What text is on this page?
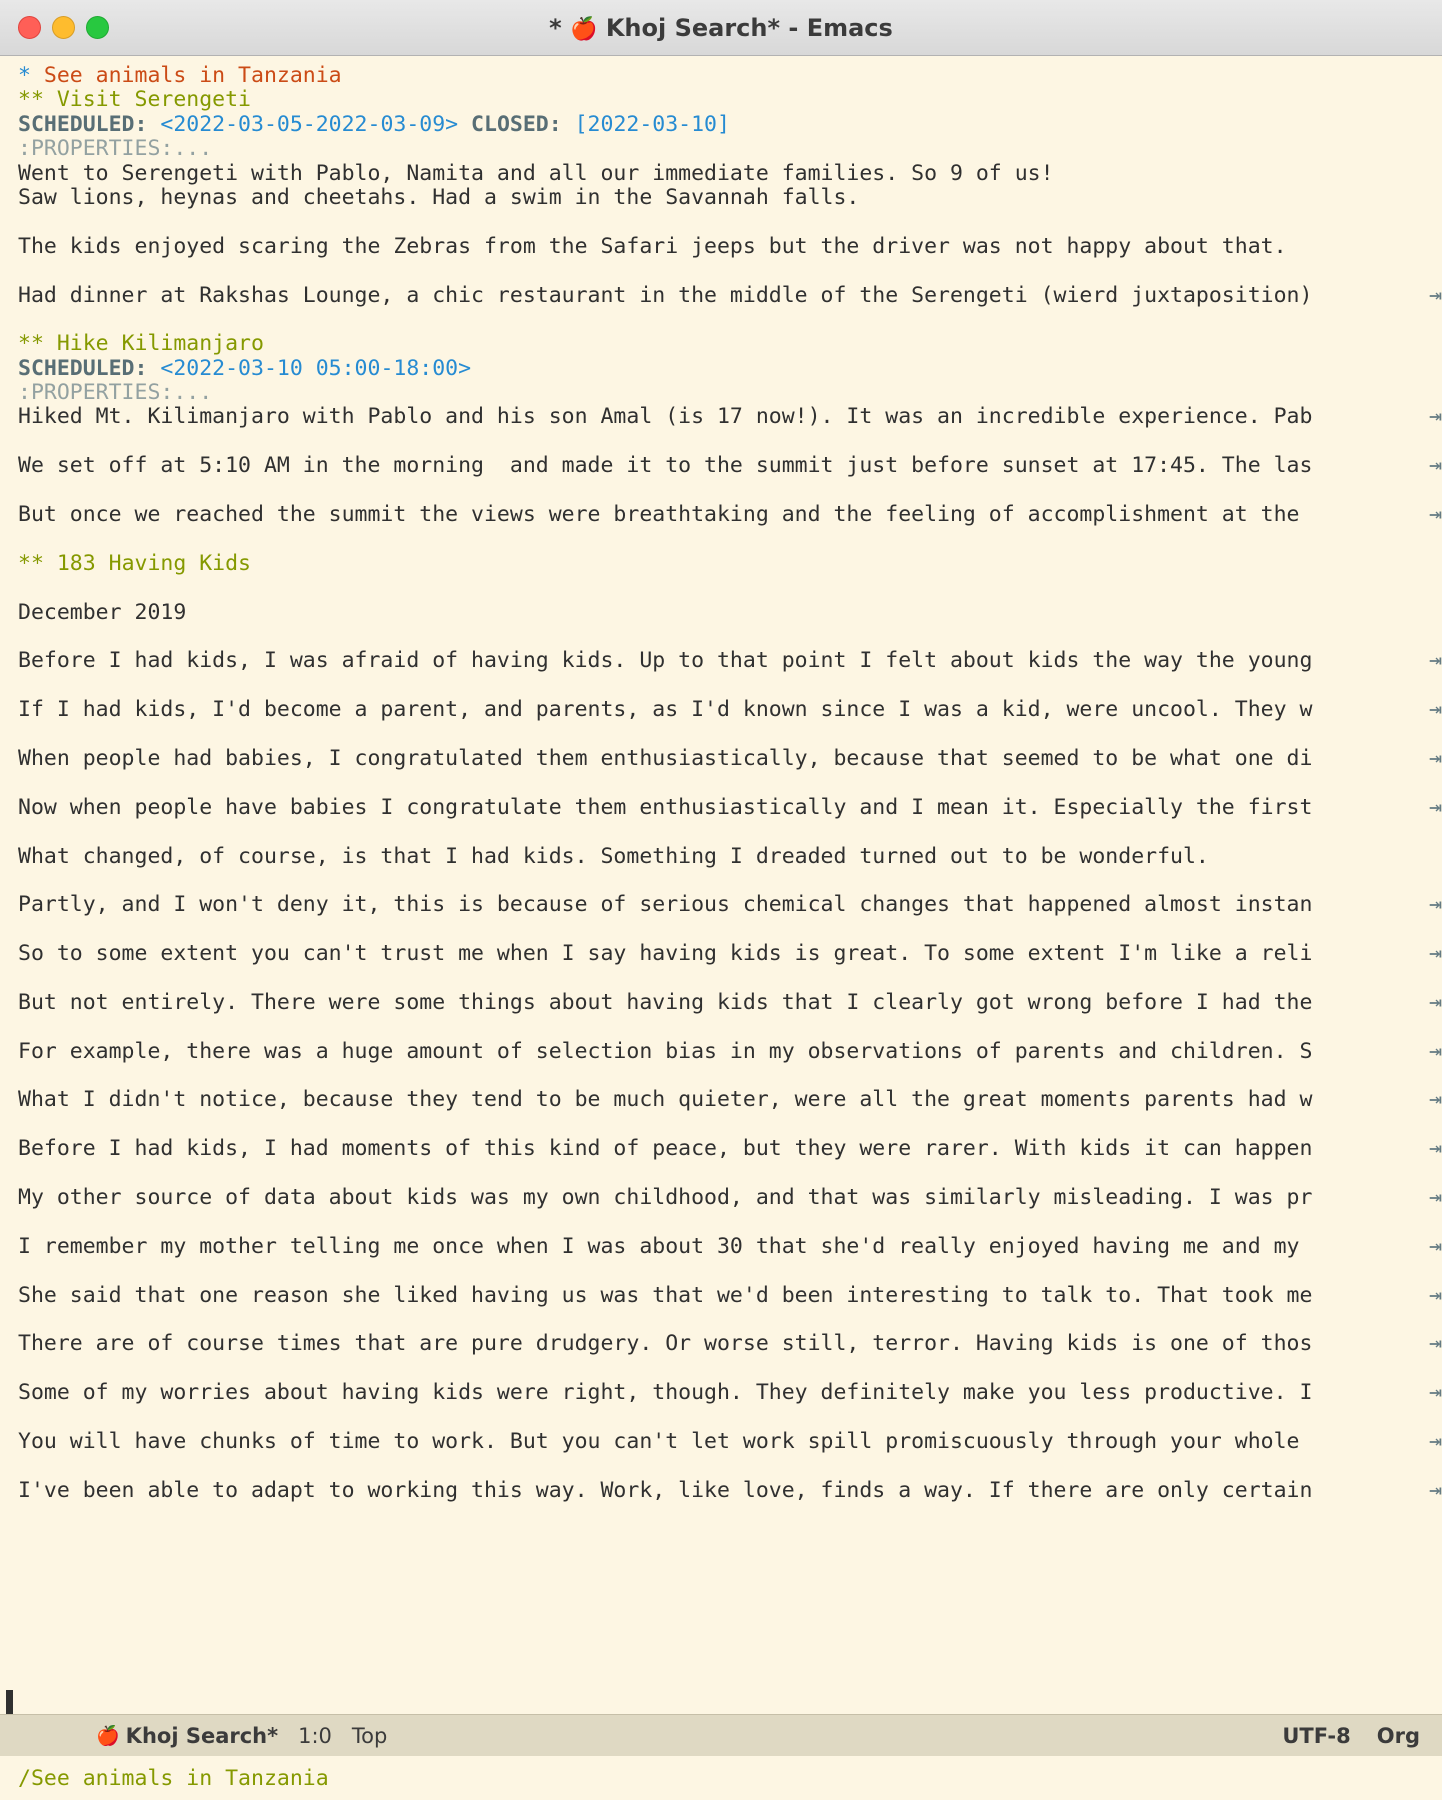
* 🍎 Khoj Search* - Emacs
* See animals in Tanzania
** Visit Serengeti
SCHEDULED: <2022-03-05-2022-03-09> CLOSED: [2022-03-10]
:PROPERTIES:...
Went to Serengeti with Pablo, Namita and all our immediate families. So 9 of us!
Saw lions, heynas and cheetahs. Had a swim in the Savannah falls.

The kids enjoyed scaring the Zebras from the Safari jeeps but the driver was not happy about that.

Had dinner at Rakshas Lounge, a chic restaurant in the middle of the Serengeti (wierd juxtaposition)	⇥

** Hike Kilimanjaro
SCHEDULED: <2022-03-10 05:00-18:00>
:PROPERTIES:...
Hiked Mt. Kilimanjaro with Pablo and his son Amal (is 17 now!). It was an incredible experience. Pab	⇥

We set off at 5:10 AM in the morning  and made it to the summit just before sunset at 17:45. The las	⇥

But once we reached the summit the views were breathtaking and the feeling of accomplishment at the	⇥

** 183 Having Kids

December 2019

Before I had kids, I was afraid of having kids. Up to that point I felt about kids the way the young	⇥

If I had kids, I'd become a parent, and parents, as I'd known since I was a kid, were uncool. They w	⇥

When people had babies, I congratulated them enthusiastically, because that seemed to be what one di	⇥

Now when people have babies I congratulate them enthusiastically and I mean it. Especially the first	⇥

What changed, of course, is that I had kids. Something I dreaded turned out to be wonderful.

Partly, and I won't deny it, this is because of serious chemical changes that happened almost instan	⇥

So to some extent you can't trust me when I say having kids is great. To some extent I'm like a reli	⇥

But not entirely. There were some things about having kids that I clearly got wrong before I had the	⇥

For example, there was a huge amount of selection bias in my observations of parents and children. S	⇥

What I didn't notice, because they tend to be much quieter, were all the great moments parents had w	⇥

Before I had kids, I had moments of this kind of peace, but they were rarer. With kids it can happen	⇥

My other source of data about kids was my own childhood, and that was similarly misleading. I was pr	⇥

I remember my mother telling me once when I was about 30 that she'd really enjoyed having me and my	⇥

She said that one reason she liked having us was that we'd been interesting to talk to. That took me	⇥

There are of course times that are pure drudgery. Or worse still, terror. Having kids is one of thos	⇥

Some of my worries about having kids were right, though. They definitely make you less productive. I	⇥

You will have chunks of time to work. But you can't let work spill promiscuously through your whole	⇥

I've been able to adapt to working this way. Work, like love, finds a way. If there are only certain	⇥
🍎 Khoj Search* 1:0 Top	UTF-8 Org
/See animals in Tanzania
